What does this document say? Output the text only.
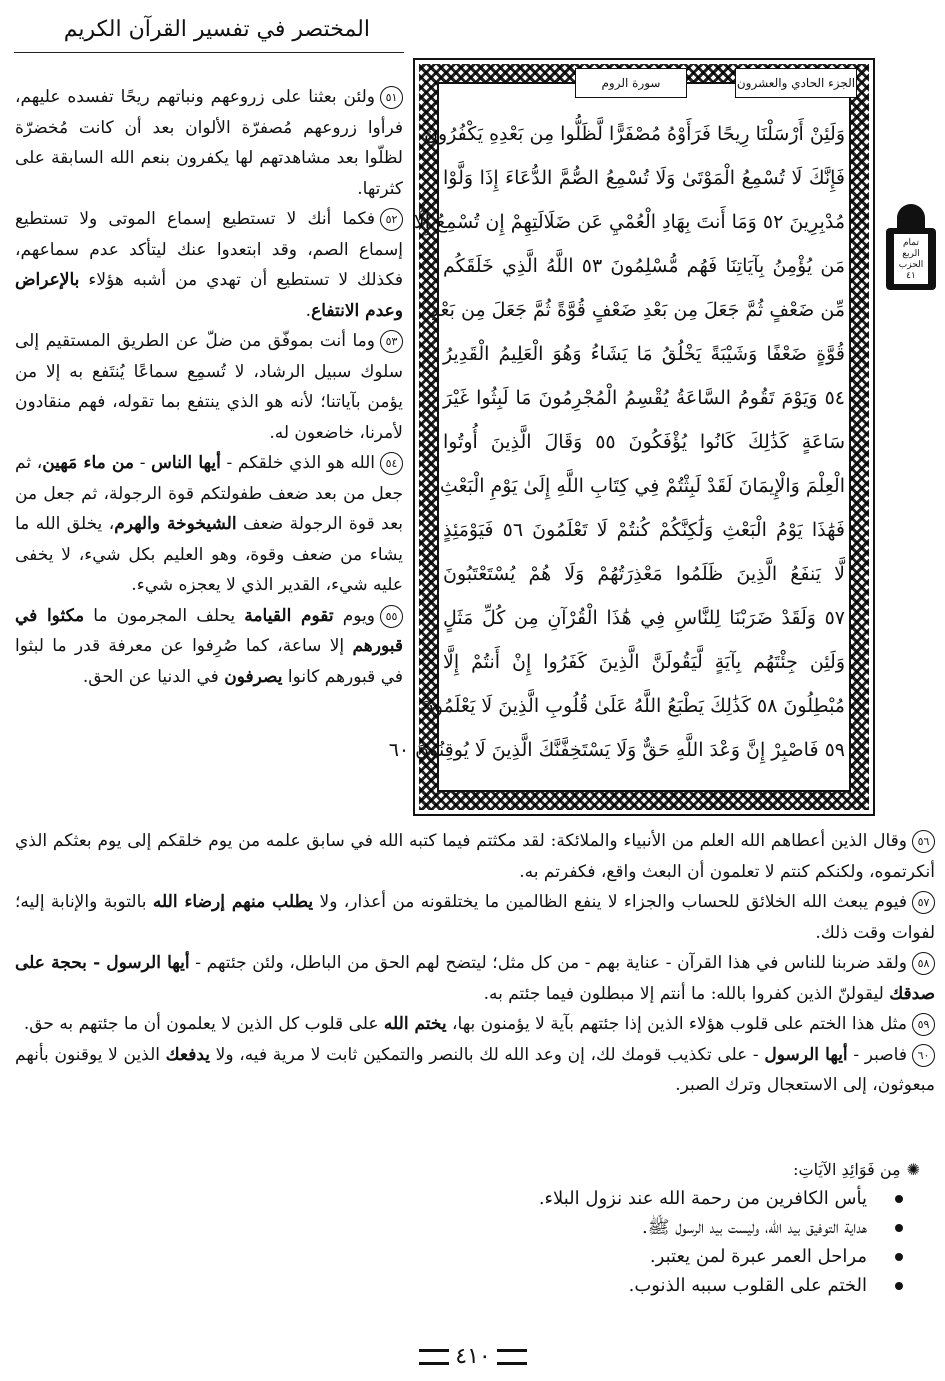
المختصر في تفسير القرآن الكريم
الجزء الحادي والعشرون
سورة الروم
وَلَئِنْ أَرْسَلْنَا رِيحًا فَرَأَوْهُ مُصْفَرًّا لَّظَلُّوا مِن بَعْدِهِ يَكْفُرُونَ
فَإِنَّكَ لَا تُسْمِعُ الْمَوْتَىٰ وَلَا تُسْمِعُ الصُّمَّ الدُّعَاءَ إِذَا وَلَّوْا
مُدْبِرِينَ ٥٢ وَمَا أَنتَ بِهَادِ الْعُمْيِ عَن ضَلَالَتِهِمْ إِن تُسْمِعُ إِلَّا
مَن يُؤْمِنُ بِآيَاتِنَا فَهُم مُّسْلِمُونَ ٥٣ اللَّهُ الَّذِي خَلَقَكُم
مِّن ضَعْفٍ ثُمَّ جَعَلَ مِن بَعْدِ ضَعْفٍ قُوَّةً ثُمَّ جَعَلَ مِن بَعْدِ
قُوَّةٍ ضَعْفًا وَشَيْبَةً يَخْلُقُ مَا يَشَاءُ وَهُوَ الْعَلِيمُ الْقَدِيرُ
٥٤ وَيَوْمَ تَقُومُ السَّاعَةُ يُقْسِمُ الْمُجْرِمُونَ مَا لَبِثُوا غَيْرَ
سَاعَةٍ كَذَٰلِكَ كَانُوا يُؤْفَكُونَ ٥٥ وَقَالَ الَّذِينَ أُوتُوا
الْعِلْمَ وَالْإِيمَانَ لَقَدْ لَبِثْتُمْ فِي كِتَابِ اللَّهِ إِلَىٰ يَوْمِ الْبَعْثِ
فَهَٰذَا يَوْمُ الْبَعْثِ وَلَٰكِنَّكُمْ كُنتُمْ لَا تَعْلَمُونَ ٥٦ فَيَوْمَئِذٍ
لَّا يَنفَعُ الَّذِينَ ظَلَمُوا مَعْذِرَتُهُمْ وَلَا هُمْ يُسْتَعْتَبُونَ
٥٧ وَلَقَدْ ضَرَبْنَا لِلنَّاسِ فِي هَٰذَا الْقُرْآنِ مِن كُلِّ مَثَلٍ
وَلَئِن جِئْتَهُم بِآيَةٍ لَّيَقُولَنَّ الَّذِينَ كَفَرُوا إِنْ أَنتُمْ إِلَّا
مُبْطِلُونَ ٥٨ كَذَٰلِكَ يَطْبَعُ اللَّهُ عَلَىٰ قُلُوبِ الَّذِينَ لَا يَعْلَمُونَ
٥٩ فَاصْبِرْ إِنَّ وَعْدَ اللَّهِ حَقٌّ وَلَا يَسْتَخِفَّنَّكَ الَّذِينَ لَا يُوقِنُونَ ٦٠
تمام الربع
الحزب
٤١
٥١ولئن بعثنا على زروعهم ونباتهم ريحًا تفسده عليهم، فرأوا زروعهم مُصفرّة الألوان بعد أن كانت مُخضرّة لظلّوا بعد مشاهدتهم لها يكفرون بنعم الله السابقة على كثرتها.
٥٢فكما أنك لا تستطيع إسماع الموتى ولا تستطيع إسماع الصم، وقد ابتعدوا عنك ليتأكد عدم سماعهم، فكذلك لا تستطيع أن تهدي من أشبه هؤلاء بالإعراض وعدم الانتفاع.
٥٣وما أنت بموفّق من ضلّ عن الطريق المستقيم إلى سلوك سبيل الرشاد، لا تُسمِع سماعًا يُنتَفع به إلا من يؤمن بآياتنا؛ لأنه هو الذي ينتفع بما تقوله، فهم منقادون لأمرنا، خاضعون له.
٥٤الله هو الذي خلقكم - أيها الناس - من ماء مَهين، ثم جعل من بعد ضعف طفولتكم قوة الرجولة، ثم جعل من بعد قوة الرجولة ضعف الشيخوخة والهرم، يخلق الله ما يشاء من ضعف وقوة، وهو العليم بكل شيء، لا يخفى عليه شيء، القدير الذي لا يعجزه شيء.
٥٥ويوم تقوم القيامة يحلف المجرمون ما مكثوا في قبورهم إلا ساعة، كما صُرِفوا عن معرفة قدر ما لبثوا في قبورهم كانوا يصرفون في الدنيا عن الحق.
٥٦وقال الذين أعطاهم الله العلم من الأنبياء والملائكة: لقد مكثتم فيما كتبه الله في سابق علمه من يوم خلقكم إلى يوم بعثكم الذي أنكرتموه، ولكنكم كنتم لا تعلمون أن البعث واقع، فكفرتم به.
٥٧فيوم يبعث الله الخلائق للحساب والجزاء لا ينفع الظالمين ما يختلقونه من أعذار، ولا يطلب منهم إرضاء الله بالتوبة والإنابة إليه؛ لفوات وقت ذلك.
٥٨ولقد ضربنا للناس في هذا القرآن - عناية بهم - من كل مثل؛ ليتضح لهم الحق من الباطل، ولئن جئتهم - أيها الرسول - بحجة على صدقك ليقولنّ الذين كفروا بالله: ما أنتم إلا مبطلون فيما جئتم به.
٥٩مثل هذا الختم على قلوب هؤلاء الذين إذا جئتهم بآية لا يؤمنون بها، يختم الله على قلوب كل الذين لا يعلمون أن ما جئتهم به حق.
٦٠فاصبر - أيها الرسول - على تكذيب قومك لك، إن وعد الله لك بالنصر والتمكين ثابت لا مرية فيه، ولا يدفعك الذين لا يوقنون بأنهم مبعوثون، إلى الاستعجال وترك الصبر.
✺مِن فَوَائِدِ الآيَاتِ:
يأس الكافرين من رحمة الله عند نزول البلاء.
هداية التوفيق بيد الله، وليست بيد الرسول ﷺ.
مراحل العمر عبرة لمن يعتبر.
الختم على القلوب سببه الذنوب.
٤١٠
